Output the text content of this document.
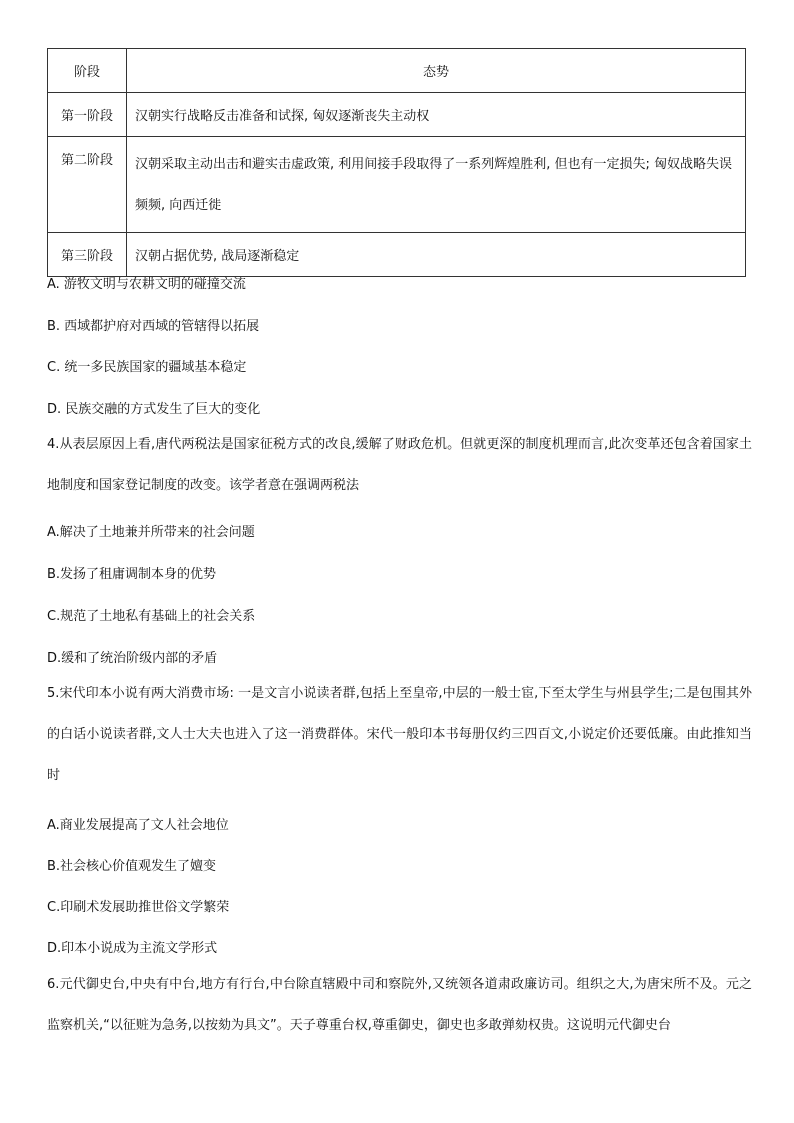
阶段	态势
第一阶段	汉朝实行战略反击准备和试探, 匈奴逐渐丧失主动权
第二阶段	汉朝采取主动出击和避实击虚政策, 利用间接手段取得了一系列辉煌胜利, 但也有一定损失; 匈奴战略失误频频, 向西迁徙
第三阶段	汉朝占据优势, 战局逐渐稳定
A. 游牧文明与农耕文明的碰撞交流
B. 西域都护府对西域的管辖得以拓展
C. 统一多民族国家的疆域基本稳定
D. 民族交融的方式发生了巨大的变化
4.从表层原因上看,唐代两税法是国家征税方式的改良,缓解了财政危机。但就更深的制度机理而言,此次变革还包含着国家土地制度和国家登记制度的改变。该学者意在强调两税法
A.解决了土地兼并所带来的社会问题
B.发扬了租庸调制本身的优势
C.规范了土地私有基础上的社会关系
D.缓和了统治阶级内部的矛盾
5.宋代印本小说有两大消费市场: 一是文言小说读者群,包括上至皇帝,中层的一般士宦,下至太学生与州县学生;二是包围其外的白话小说读者群,文人士大夫也进入了这一消费群体。宋代一般印本书每册仅约三四百文,小说定价还要低廉。由此推知当时
A.商业发展提高了文人社会地位
B.社会核心价值观发生了嬗变
C.印刷术发展助推世俗文学繁荣
D.印本小说成为主流文学形式
6.元代御史台,中央有中台,地方有行台,中台除直辖殿中司和察院外,又统领各道肃政廉访司。组织之大,为唐宋所不及。元之监察机关,“以征赃为急务,以按劾为具文”。天子尊重台权,尊重御史，御史也多敢弹劾权贵。这说明元代御史台
